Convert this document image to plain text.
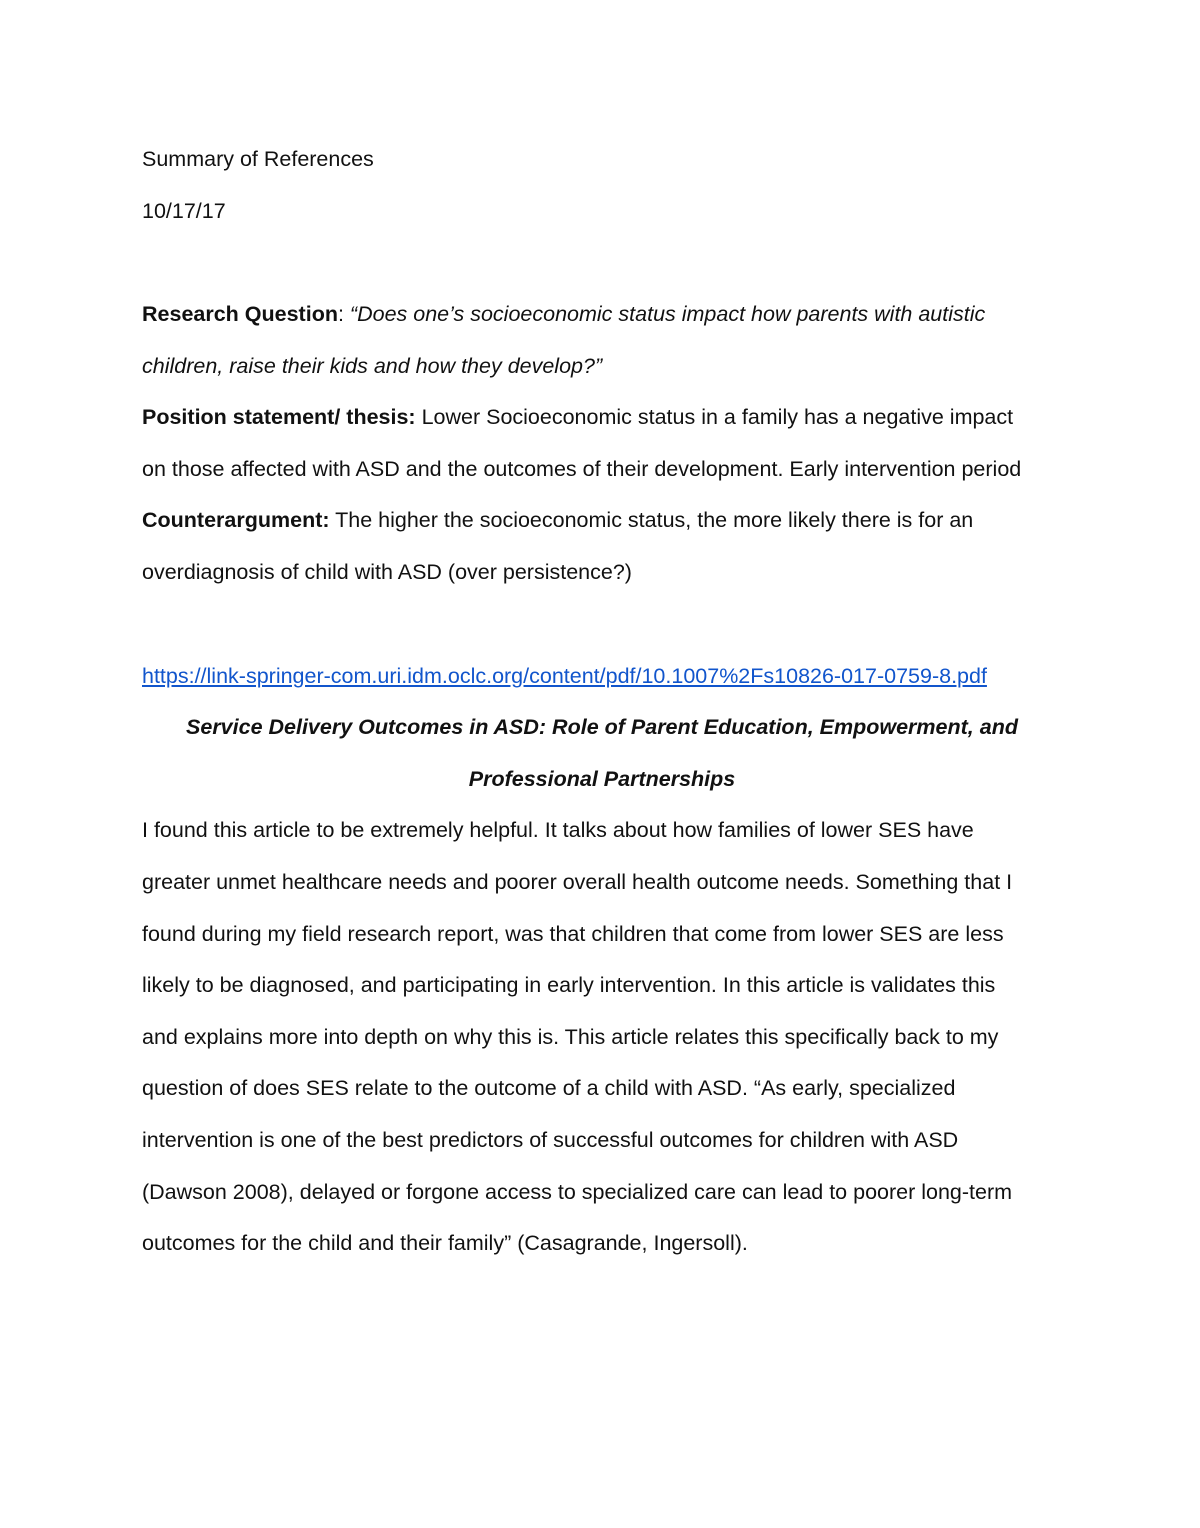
Summary of References

10/17/17

Research Question: “Does one’s socioeconomic status impact how parents with autistic

children, raise their kids and how they develop?”

Position statement/ thesis: Lower Socioeconomic status in a family has a negative impact

on those affected with ASD and the outcomes of their development. Early intervention period

Counterargument: The higher the socioeconomic status, the more likely there is for an

overdiagnosis of child with ASD (over persistence?)

https://link-springer-com.uri.idm.oclc.org/content/pdf/10.1007%2Fs10826-017-0759-8.pdf

Service Delivery Outcomes in ASD: Role of Parent Education, Empowerment, and

Professional Partnerships

I found this article to be extremely helpful. It talks about how families of lower SES have

greater unmet healthcare needs and poorer overall health outcome needs. Something that I

found during my field research report, was that children that come from lower SES are less

likely to be diagnosed, and participating in early intervention. In this article is validates this

and explains more into depth on why this is. This article relates this specifically back to my

question of does SES relate to the outcome of a child with ASD. “As early, specialized

intervention is one of the best predictors of successful outcomes for children with ASD

(Dawson 2008), delayed or forgone access to specialized care can lead to poorer long-term

outcomes for the child and their family” (Casagrande, Ingersoll).
